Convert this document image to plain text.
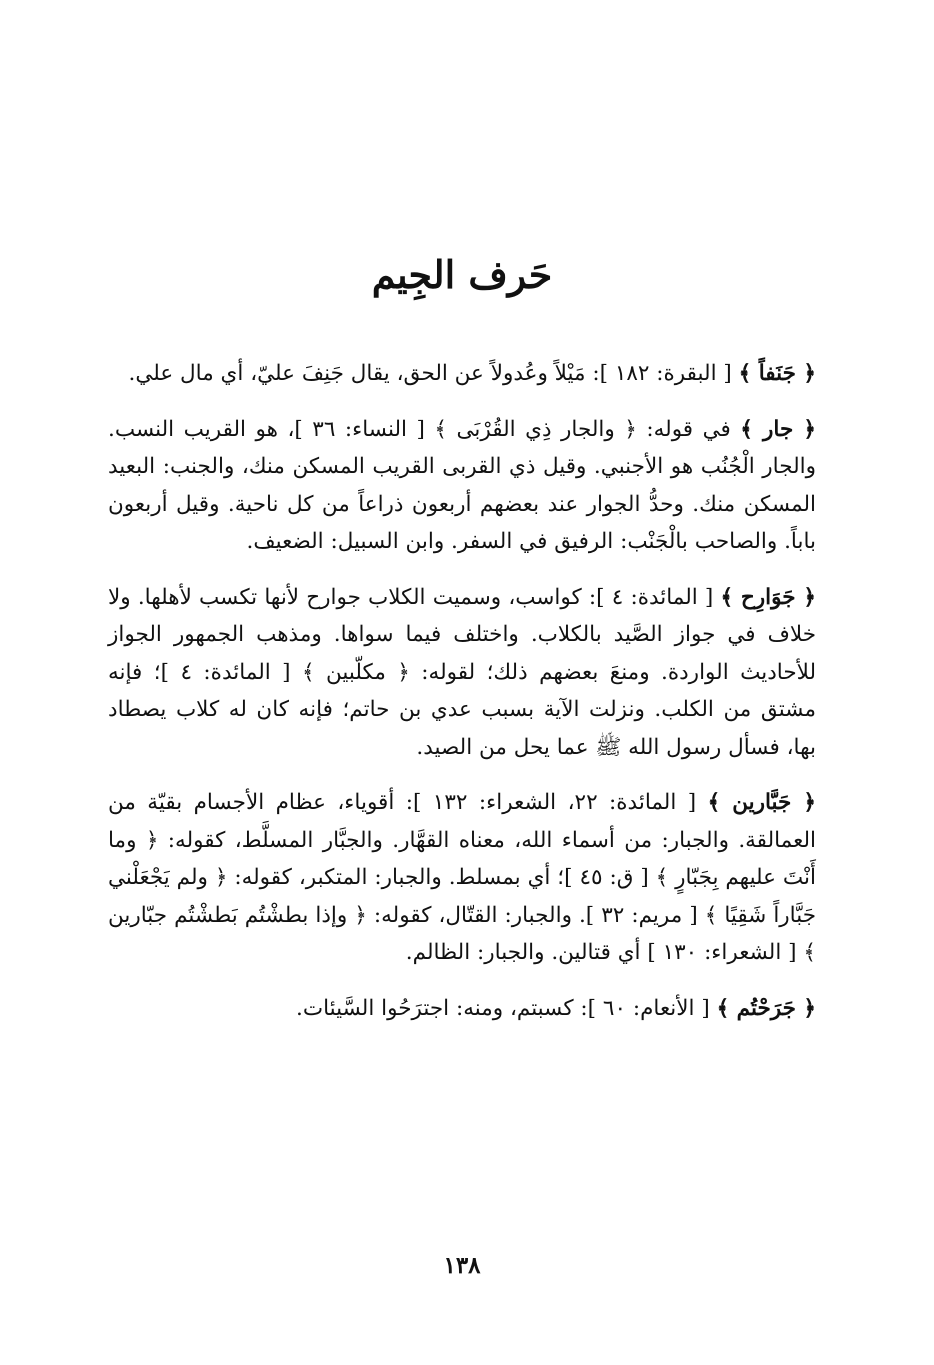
حَرف الجِيم

﴿ جَنَفاً ﴾ [ البقرة: ١٨٢ ]: مَيْلاً وعُدولاً عن الحق، يقال جَنِفَ عليّ، أي مال علي.

﴿ جار ﴾ في قوله: ﴿ والجار ذِي القُرْبَى ﴾ [ النساء: ٣٦ ]، هو القريب النسب. والجار الْجُنُب هو الأجنبي. وقيل ذي القربى القريب المسكن منك، والجنب: البعيد المسكن منك. وحدُّ الجوار عند بعضهم أربعون ذراعاً من كل ناحية. وقيل أربعون باباً. والصاحب بالْجَنْب: الرفيق في السفر. وابن السبيل: الضعيف.

﴿ جَوَارِح ﴾ [ المائدة: ٤ ]: كواسب، وسميت الكلاب جوارح لأنها تكسب لأهلها. ولا خلاف في جواز الصَّيد بالكلاب. واختلف فيما سواها. ومذهب الجمهور الجواز للأحاديث الواردة. ومنعَ بعضهم ذلك؛ لقوله: ﴿ مكلّبين ﴾ [ المائدة: ٤ ]؛ فإنه مشتق من الكلب. ونزلت الآية بسبب عدي بن حاتم؛ فإنه كان له كلاب يصطاد بها، فسأل رسول الله ﷺ عما يحل من الصيد.

﴿ جَبَّارين ﴾ [ المائدة: ٢٢، الشعراء: ١٣٢ ]: أقوياء، عظام الأجسام بقيّة من العمالقة. والجبار: من أسماء الله، معناه القهَّار. والجبَّار المسلَّط، كقوله: ﴿ وما أَنْتَ عليهم بِجَبّارٍ ﴾ [ ق: ٤٥ ]؛ أي بمسلط. والجبار: المتكبر، كقوله: ﴿ ولم يَجْعَلْني جَبَّاراً شَقِيًا ﴾ [ مريم: ٣٢ ]. والجبار: القتّال، كقوله: ﴿ وإذا بطشْتُم بَطشْتُم جبّارين ﴾ [ الشعراء: ١٣٠ ] أي قتالين. والجبار: الظالم.

﴿ جَرَحْتُم ﴾ [ الأنعام: ٦٠ ]: كسبتم، ومنه: اجترَحُوا السَّيئات.

١٣٨
